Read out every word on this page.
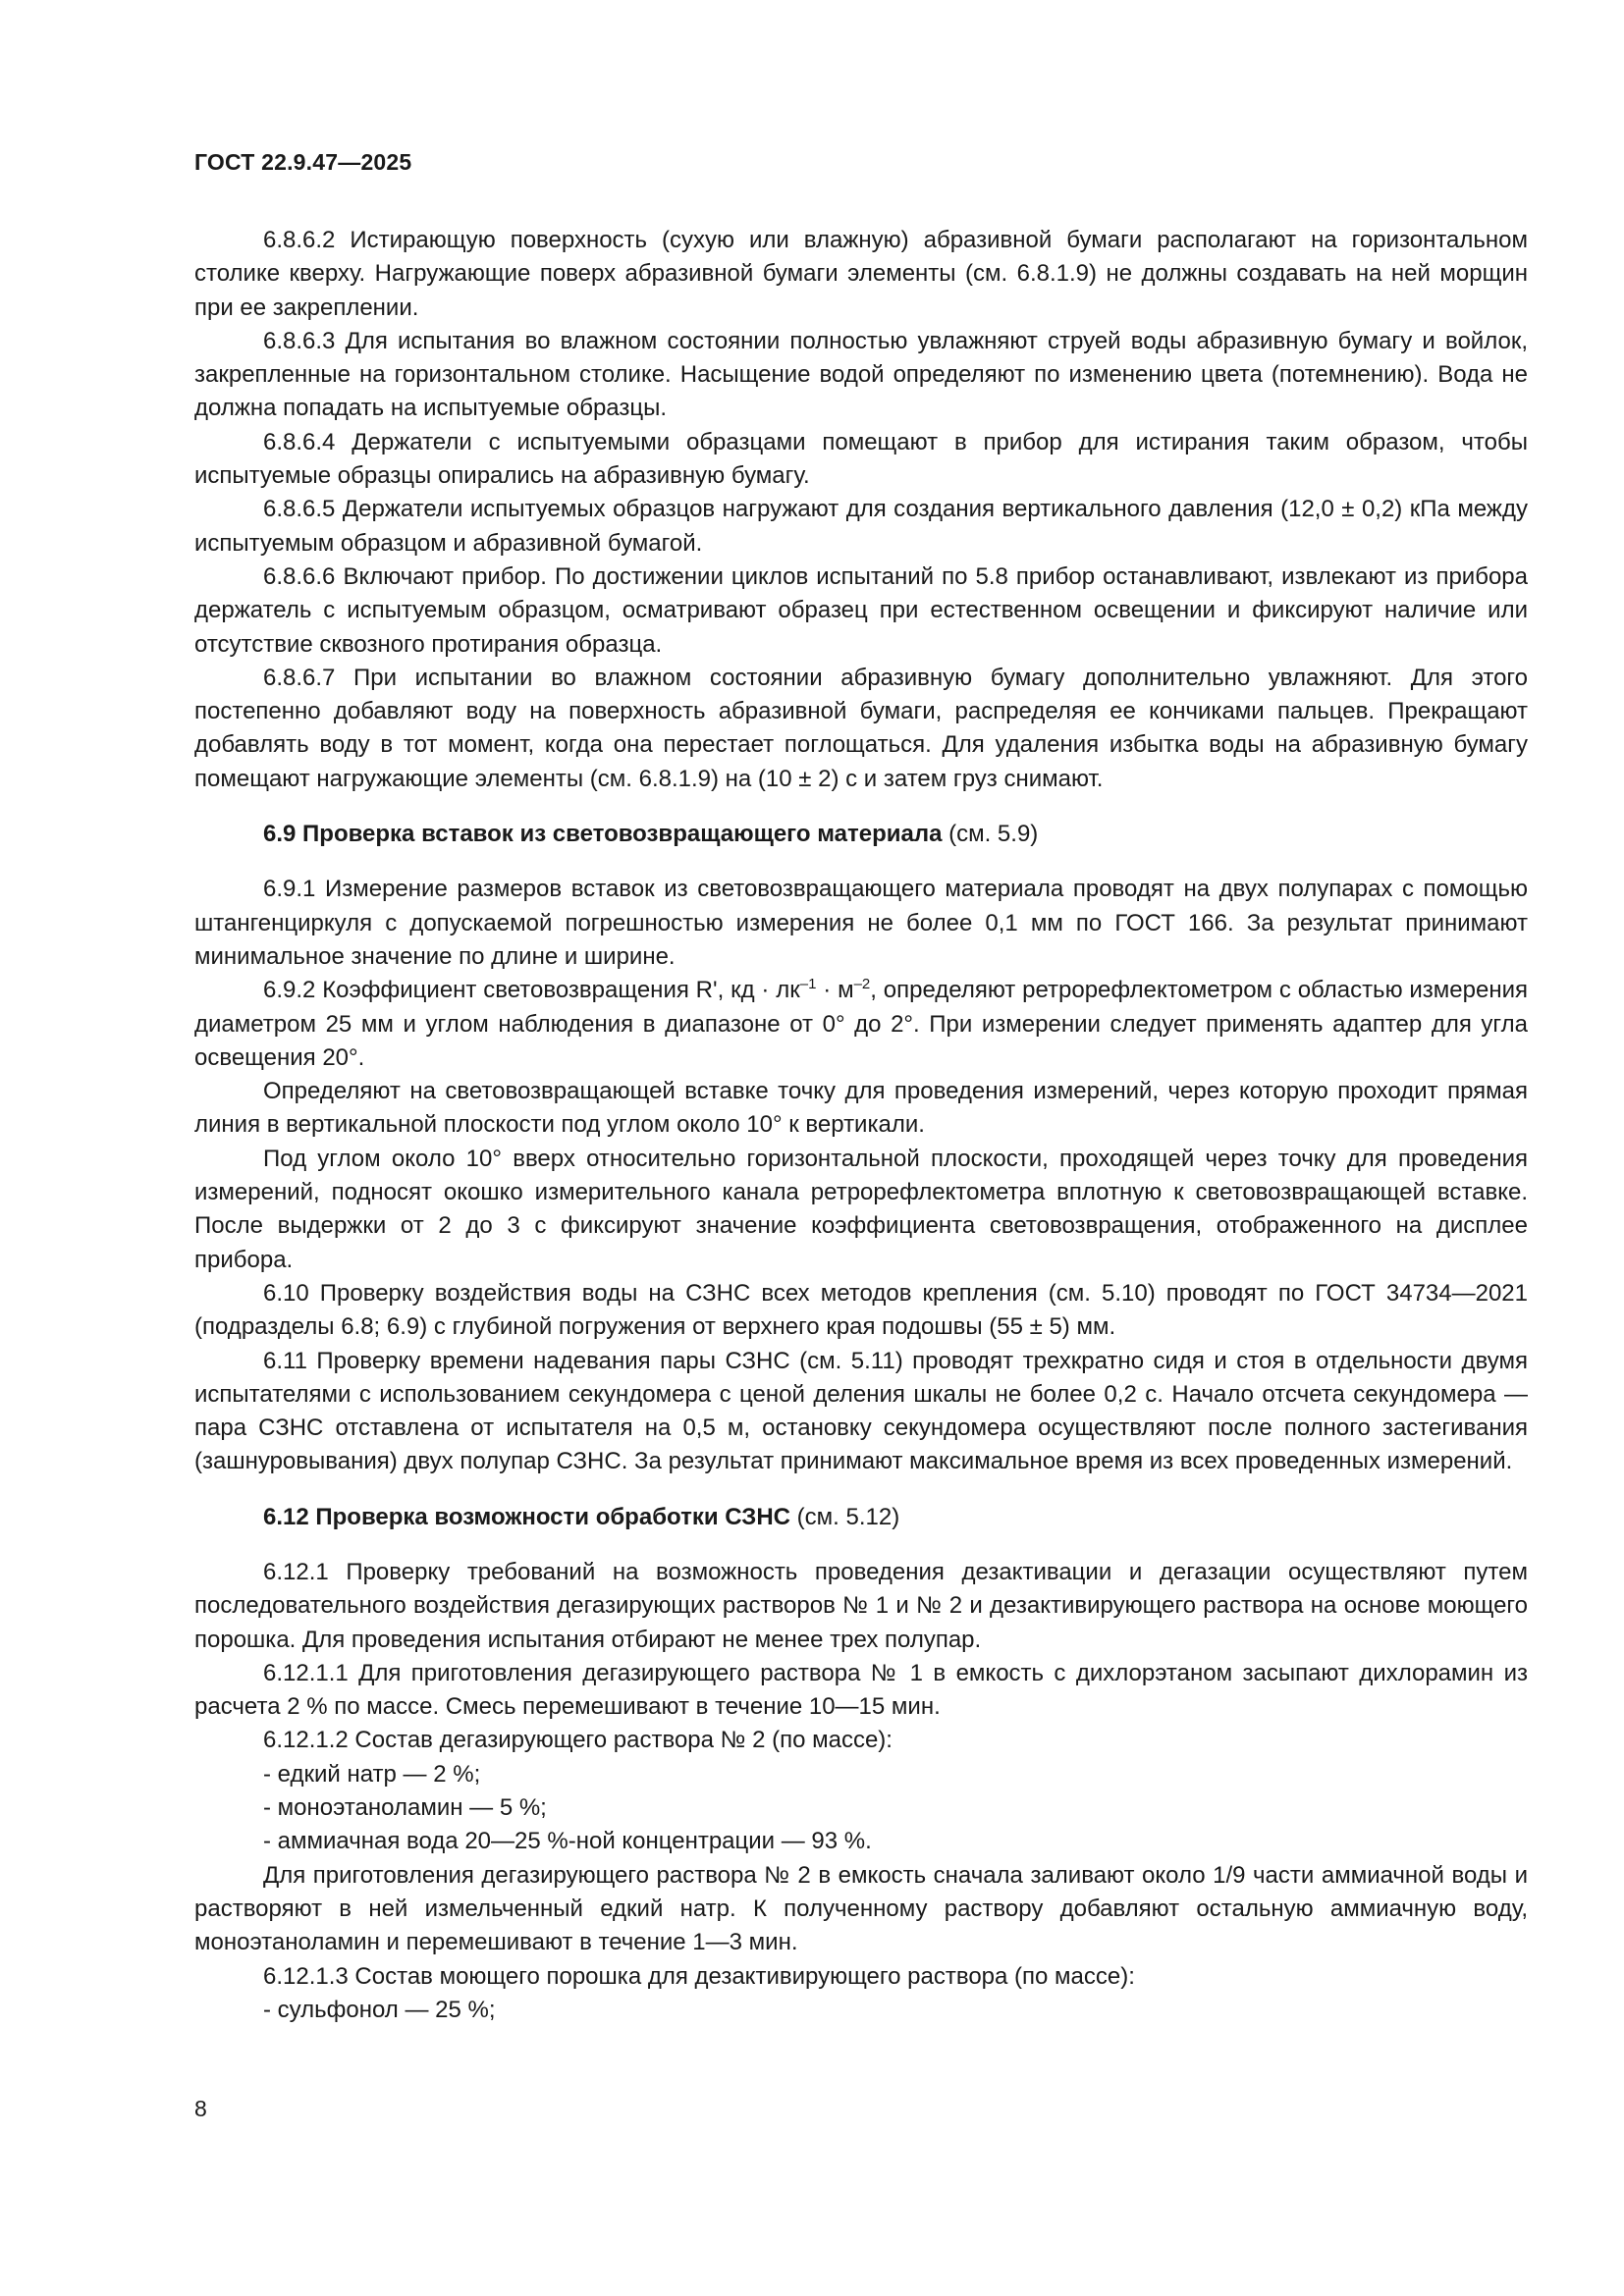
ГОСТ 22.9.47—2025

6.8.6.2 Истирающую поверхность (сухую или влажную) абразивной бумаги располагают на горизонтальном столике кверху. Нагружающие поверх абразивной бумаги элементы (см. 6.8.1.9) не должны создавать на ней морщин при ее закреплении.

6.8.6.3 Для испытания во влажном состоянии полностью увлажняют струей воды абразивную бумагу и войлок, закрепленные на горизонтальном столике. Насыщение водой определяют по изменению цвета (потемнению). Вода не должна попадать на испытуемые образцы.

6.8.6.4 Держатели с испытуемыми образцами помещают в прибор для истирания таким образом, чтобы испытуемые образцы опирались на абразивную бумагу.

6.8.6.5 Держатели испытуемых образцов нагружают для создания вертикального давления (12,0 ± 0,2) кПа между испытуемым образцом и абразивной бумагой.

6.8.6.6 Включают прибор. По достижении циклов испытаний по 5.8 прибор останавливают, извлекают из прибора держатель с испытуемым образцом, осматривают образец при естественном освещении и фиксируют наличие или отсутствие сквозного протирания образца.

6.8.6.7 При испытании во влажном состоянии абразивную бумагу дополнительно увлажняют. Для этого постепенно добавляют воду на поверхность абразивной бумаги, распределяя ее кончиками пальцев. Прекращают добавлять воду в тот момент, когда она перестает поглощаться. Для удаления избытка воды на абразивную бумагу помещают нагружающие элементы (см. 6.8.1.9) на (10 ± 2) с и затем груз снимают.

6.9 Проверка вставок из световозвращающего материала (см. 5.9)

6.9.1 Измерение размеров вставок из световозвращающего материала проводят на двух полупарах с помощью штангенциркуля с допускаемой погрешностью измерения не более 0,1 мм по ГОСТ 166. За результат принимают минимальное значение по длине и ширине.

6.9.2 Коэффициент световозвращения R', кд · $лк^{-1} \cdot м^{-2}$, определяют ретрорефлектометром с областью измерения диаметром 25 мм и углом наблюдения в диапазоне от 0° до 2°. При измерении следует применять адаптер для угла освещения 20°.

Определяют на световозвращающей вставке точку для проведения измерений, через которую проходит прямая линия в вертикальной плоскости под углом около 10° к вертикали.

Под углом около 10° вверх относительно горизонтальной плоскости, проходящей через точку для проведения измерений, подносят окошко измерительного канала ретрорефлектометра вплотную к световозвращающей вставке. После выдержки от 2 до 3 с фиксируют значение коэффициента световозвращения, отображенного на дисплее прибора.

6.10 Проверку воздействия воды на СЗНС всех методов крепления (см. 5.10) проводят по ГОСТ 34734—2021 (подразделы 6.8; 6.9) с глубиной погружения от верхнего края подошвы (55 ± 5) мм.

6.11 Проверку времени надевания пары СЗНС (см. 5.11) проводят трехкратно сидя и стоя в отдельности двумя испытателями с использованием секундомера с ценой деления шкалы не более 0,2 с. Начало отсчета секундомера — пара СЗНС отставлена от испытателя на 0,5 м, остановку секундомера осуществляют после полного застегивания (зашнуровывания) двух полупар СЗНС. За результат принимают максимальное время из всех проведенных измерений.

6.12 Проверка возможности обработки СЗНС (см. 5.12)

6.12.1 Проверку требований на возможность проведения дезактивации и дегазации осуществляют путем последовательного воздействия дегазирующих растворов № 1 и № 2 и дезактивирующего раствора на основе моющего порошка. Для проведения испытания отбирают не менее трех полупар.

6.12.1.1 Для приготовления дегазирующего раствора № 1 в емкость с дихлорэтаном засыпают дихлорамин из расчета 2 % по массе. Смесь перемешивают в течение 10—15 мин.

6.12.1.2 Состав дегазирующего раствора № 2 (по массе):

- едкий натр — 2 %;

- моноэтаноламин — 5 %;

- аммиачная вода 20—25 %-ной концентрации — 93 %.

Для приготовления дегазирующего раствора № 2 в емкость сначала заливают около 1/9 части аммиачной воды и растворяют в ней измельченный едкий натр. К полученному раствору добавляют остальную аммиачную воду, моноэтаноламин и перемешивают в течение 1—3 мин.

6.12.1.3 Состав моющего порошка для дезактивирующего раствора (по массе):

- сульфонол — 25 %;

8
